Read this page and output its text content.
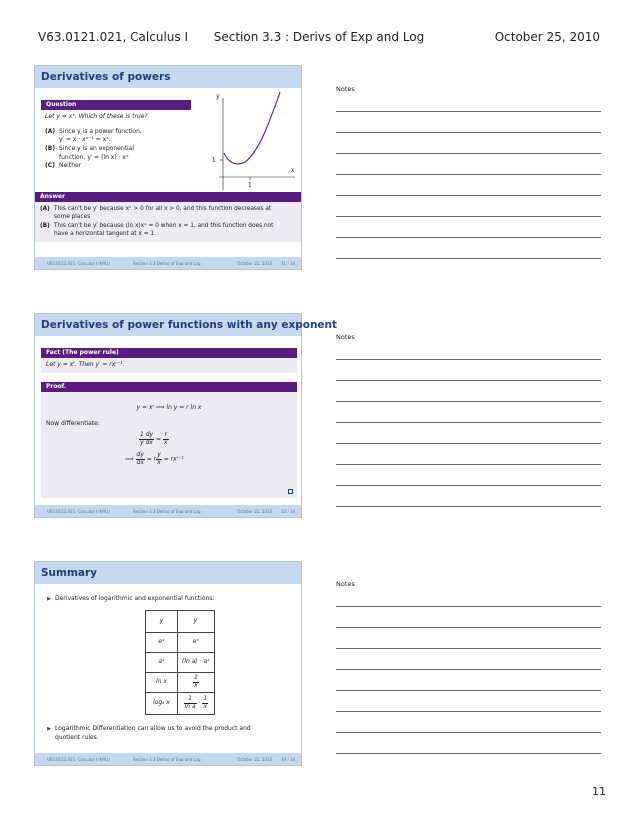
V63.0121.021, Calculus I Section 3.3 : Derivs of Exp and Log	October 25, 2010
Derivatives of powers
Question
Let y = xˣ. Which of these is true?
(A) Since y is a power function,
y′ = x · xˣ⁻¹ = xˣ.
(B) Since y is an exponential
function, y′ = (ln x) · xˣ
(C) Neither
y
x
1
1
Answer
(A) This can't be y′ because xˣ > 0 for all x > 0, and this function decreases at
some places
(B) This can't be y′ because (ln x)xˣ = 0 when x = 1, and this function does not
have a horizontal tangent at x = 1.
V63.0121.021, Calculus I (NYU)	Section 3.3 Derivs of Exp and Log	October 25, 2010 31 / 34
Notes
Derivatives of power functions with any exponent
Fact (The power rule)
Let y = xʳ. Then y′ = rxʳ⁻¹.
Proof.
y = xʳ ⟹ ln y = r ln x
Now differentiate:
$\frac{1 dy}{\text{y dx}} = \frac{r}{x}$
⟹ $\frac{dy}{dx} = r \frac{y}{x}$ = rxʳ⁻¹
V63.0121.021, Calculus I (NYU)	Section 3.3 Derivs of Exp and Log	October 25, 2010 32 / 34
Notes
Summary
▶ Derivatives of logarithmic and exponential functions:
y	y′
eˣ	eˣ
aˣ	(ln a) · aˣ
ln x	$\frac{1}{x}$

logₐ x	$\frac{1}{\text{ln a}} \cdot \frac{1}{x}$
▶ Logarithmic Differentiation can allow us to avoid the product and
quotient rules.
V63.0121.021, Calculus I (NYU)	Section 3.3 Derivs of Exp and Log	October 25, 2010 34 / 34
Notes
11
